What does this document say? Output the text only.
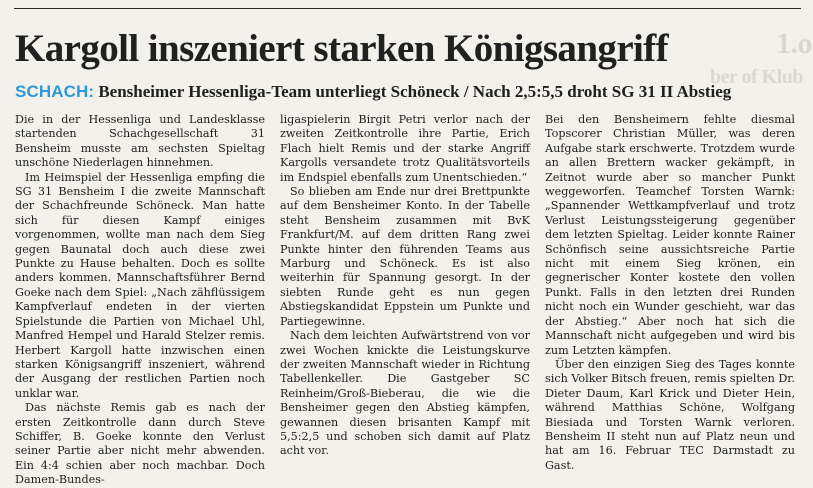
1.o
ber of Klub
Kargoll inszeniert starken Königsangriff
SCHACH: Bensheimer Hessenliga-Team unterliegt Schöneck / Nach 2,5:5,5 droht SG 31 II Abstieg

Die in der Hessenliga und Landesklasse startenden Schachgesellschaft 31 Bensheim musste am sechsten Spieltag unschöne Niederlagen hinnehmen.

Im Heimspiel der Hessenliga empfing die SG 31 Bensheim I die zweite Mannschaft der Schachfreunde Schöneck. Man hatte sich für diesen Kampf einiges vorgenommen, wollte man nach dem Sieg gegen Baunatal doch auch diese zwei Punkte zu Hause behalten. Doch es sollte anders kommen. Mannschaftsführer Bernd Goeke nach dem Spiel: „Nach zähflüssigem Kampfverlauf endeten in der vierten Spielstunde die Partien von Michael Uhl, Manfred Hempel und Harald Stelzer remis. Herbert Kargoll hatte inzwischen einen starken Königsangriff inszeniert, während der Ausgang der restlichen Partien noch unklar war.

Das nächste Remis gab es nach der ersten Zeitkontrolle dann durch Steve Schiffer, B. Goeke konnte den Verlust seiner Partie aber nicht mehr abwenden. Ein 4:4 schien aber noch machbar. Doch Damen-Bundes-

ligaspielerin Birgit Petri verlor nach der zweiten Zeitkontrolle ihre Partie, Erich Flach hielt Remis und der starke Angriff Kargolls versandete trotz Qualitätsvorteils im Endspiel ebenfalls zum Unentschieden.“

So blieben am Ende nur drei Brettpunkte auf dem Bensheimer Konto. In der Tabelle steht Bensheim zusammen mit BvK Frankfurt/M. auf dem dritten Rang zwei Punkte hinter den führenden Teams aus Marburg und Schöneck. Es ist also weiterhin für Spannung gesorgt. In der siebten Runde geht es nun gegen Abstiegskandidat Eppstein um Punkte und Partiegewinne.

Nach dem leichten Aufwärtstrend von vor zwei Wochen knickte die Leistungskurve der zweiten Mannschaft wieder in Richtung Tabellenkeller. Die Gastgeber SC Reinheim/Groß-Bieberau, die wie die Bensheimer gegen den Abstieg kämpfen, gewannen diesen brisanten Kampf mit 5,5:2,5 und schoben sich damit auf Platz acht vor.

Bei den Bensheimern fehlte diesmal Topscorer Christian Müller, was deren Aufgabe stark erschwerte. Trotzdem wurde an allen Brettern wacker gekämpft, in Zeitnot wurde aber so mancher Punkt weggeworfen. Teamchef Torsten Warnk: „Spannender Wettkampfverlauf und trotz Verlust Leistungssteigerung gegenüber dem letzten Spieltag. Leider konnte Rainer Schönfisch seine aussichtsreiche Partie nicht mit einem Sieg krönen, ein gegnerischer Konter kostete den vollen Punkt. Falls in den letzten drei Runden nicht noch ein Wunder geschieht, war das der Abstieg.“ Aber noch hat sich die Mannschaft nicht aufgegeben und wird bis zum Letzten kämpfen.

Über den einzigen Sieg des Tages konnte sich Volker Bitsch freuen, remis spielten Dr. Dieter Daum, Karl Krick und Dieter Hein, während Matthias Schöne, Wolfgang Biesiada und Torsten Warnk verloren. Bensheim II steht nun auf Platz neun und hat am 16. Februar TEC Darmstadt zu Gast.
